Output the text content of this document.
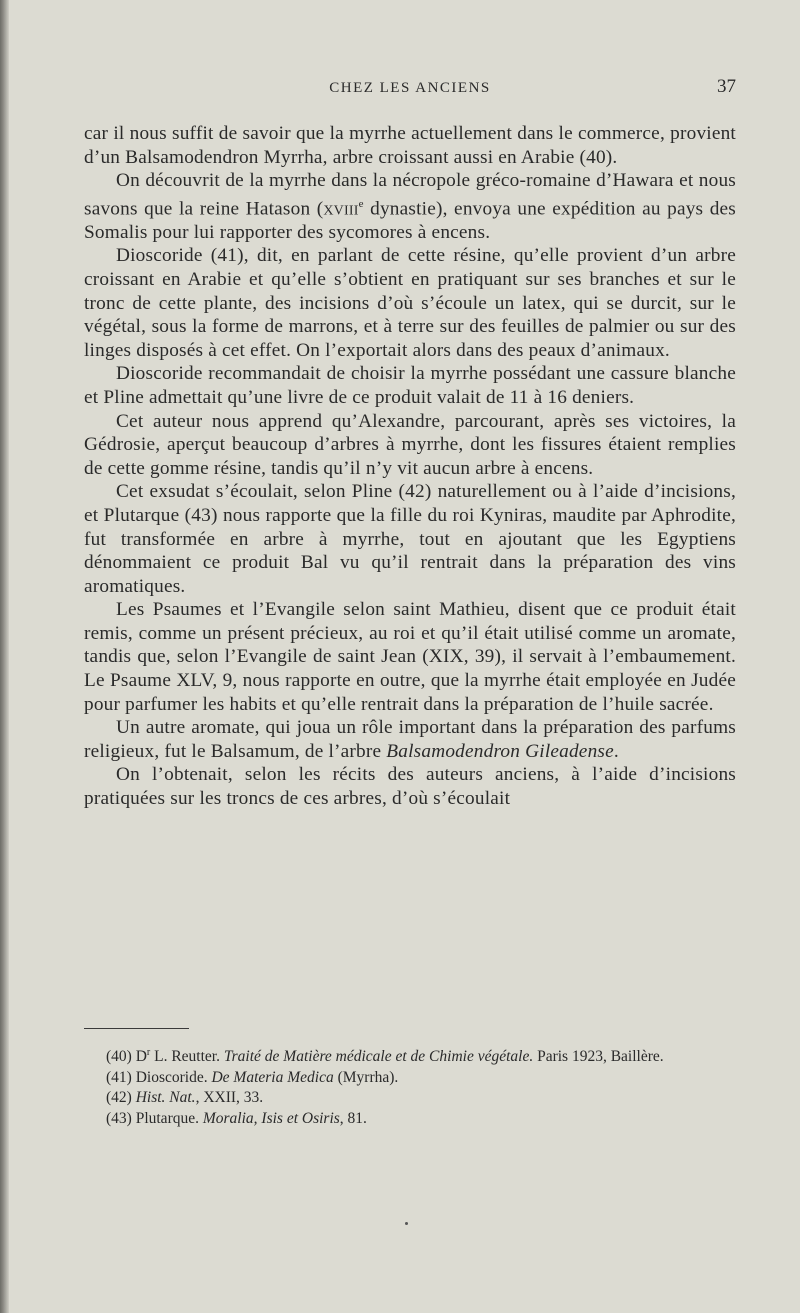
CHEZ LES ANCIENS	37

car il nous suffit de savoir que la myrrhe actuellement dans le commerce, provient d’un Balsamodendron Myrrha, arbre croissant aussi en Arabie (40).

On découvrit de la myrrhe dans la nécropole gréco-romaine d’Hawara et nous savons que la reine Hatason (xviii$^e$ dynastie), envoya une expédition au pays des Somalis pour lui rapporter des sycomores à encens.

Dioscoride (41), dit, en parlant de cette résine, qu’elle provient d’un arbre croissant en Arabie et qu’elle s’obtient en pratiquant sur ses branches et sur le tronc de cette plante, des incisions d’où s’écoule un latex, qui se durcit, sur le végétal, sous la forme de marrons, et à terre sur des feuilles de palmier ou sur des linges disposés à cet effet. On l’exportait alors dans des peaux d’animaux.

Dioscoride recommandait de choisir la myrrhe possédant une cassure blanche et Pline admettait qu’une livre de ce produit valait de 11 à 16 deniers.

Cet auteur nous apprend qu’Alexandre, parcourant, après ses victoires, la Gédrosie, aperçut beaucoup d’arbres à myrrhe, dont les fissures étaient remplies de cette gomme résine, tandis qu’il n’y vit aucun arbre à encens.

Cet exsudat s’écoulait, selon Pline (42) naturellement ou à l’aide d’incisions, et Plutarque (43) nous rapporte que la fille du roi Kyniras, maudite par Aphrodite, fut transformée en arbre à myrrhe, tout en ajoutant que les Egyptiens dénommaient ce produit Bal vu qu’il rentrait dans la préparation des vins aromatiques.

Les Psaumes et l’Evangile selon saint Mathieu, disent que ce produit était remis, comme un présent précieux, au roi et qu’il était utilisé comme un aromate, tandis que, selon l’Evangile de saint Jean (XIX, 39), il servait à l’embaumement. Le Psaume XLV, 9, nous rapporte en outre, que la myrrhe était employée en Judée pour parfumer les habits et qu’elle rentrait dans la préparation de l’huile sacrée.

Un autre aromate, qui joua un rôle important dans la préparation des parfums religieux, fut le Balsamum, de l’arbre Balsamodendron Gileadense.

On l’obtenait, selon les récits des auteurs anciens, à l’aide d’incisions pratiquées sur les troncs de ces arbres, d’où s’écoulait

(40) $D^r$ L. Reutter. Traité de Matière médicale et de Chimie végétale. Paris 1923, Baillère.

(41) Dioscoride. De Materia Medica (Myrrha).

(42) Hist. Nat., XXII, 33.

(43) Plutarque. Moralia, Isis et Osiris, 81.
